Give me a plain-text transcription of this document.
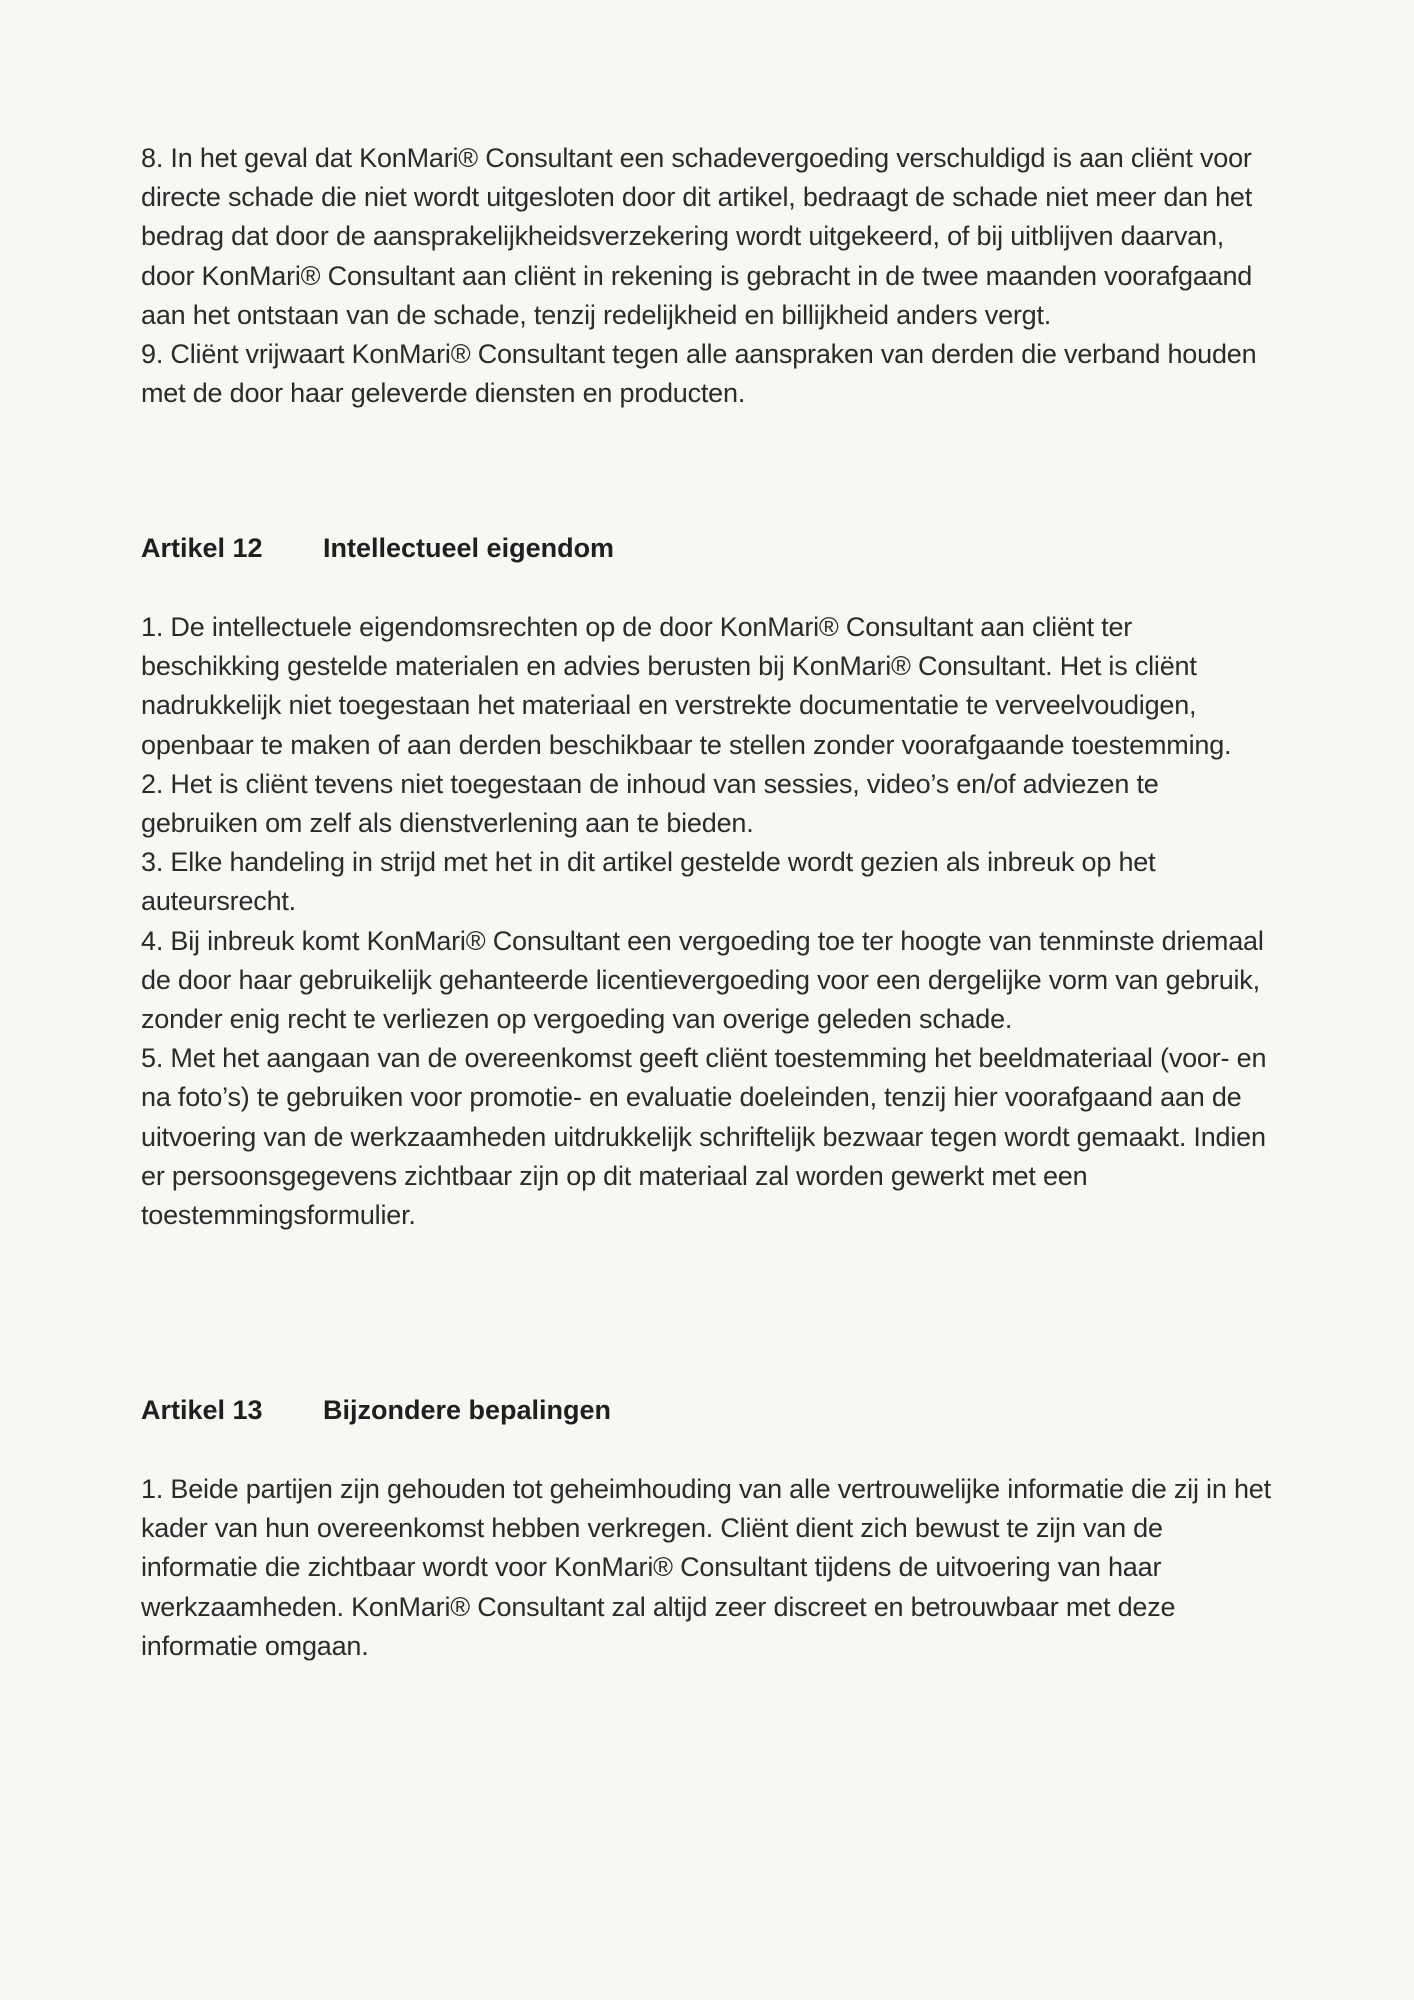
8. In het geval dat KonMari® Consultant een schadevergoeding verschuldigd is aan cliënt voor directe schade die niet wordt uitgesloten door dit artikel, bedraagt de schade niet meer dan het bedrag dat door de aansprakelijkheidsverzekering wordt uitgekeerd, of bij uitblijven daarvan, door KonMari® Consultant aan cliënt in rekening is gebracht in de twee maanden voorafgaand aan het ontstaan van de schade, tenzij redelijkheid en billijkheid anders vergt.

9. Cliënt vrijwaart KonMari® Consultant tegen alle aanspraken van derden die verband houden met de door haar geleverde diensten en producten.

Artikel 12	Intellectueel eigendom

1. De intellectuele eigendomsrechten op de door KonMari® Consultant aan cliënt ter beschikking gestelde materialen en advies berusten bij KonMari® Consultant. Het is cliënt nadrukkelijk niet toegestaan het materiaal en verstrekte documentatie te verveelvoudigen, openbaar te maken of aan derden beschikbaar te stellen zonder voorafgaande toestemming.

2. Het is cliënt tevens niet toegestaan de inhoud van sessies, video’s en/of adviezen te gebruiken om zelf als dienstverlening aan te bieden.

3. Elke handeling in strijd met het in dit artikel gestelde wordt gezien als inbreuk op het auteursrecht.

4. Bij inbreuk komt KonMari® Consultant een vergoeding toe ter hoogte van tenminste driemaal de door haar gebruikelijk gehanteerde licentievergoeding voor een dergelijke vorm van gebruik, zonder enig recht te verliezen op vergoeding van overige geleden schade.

5. Met het aangaan van de overeenkomst geeft cliënt toestemming het beeldmateriaal (voor- en na foto’s) te gebruiken voor promotie- en evaluatie doeleinden, tenzij hier voorafgaand aan de uitvoering van de werkzaamheden uitdrukkelijk schriftelijk bezwaar tegen wordt gemaakt. Indien er persoonsgegevens zichtbaar zijn op dit materiaal zal worden gewerkt met een toestemmingsformulier.

Artikel 13	Bijzondere bepalingen

1. Beide partijen zijn gehouden tot geheimhouding van alle vertrouwelijke informatie die zij in het kader van hun overeenkomst hebben verkregen. Cliënt dient zich bewust te zijn van de informatie die zichtbaar wordt voor KonMari® Consultant tijdens de uitvoering van haar werkzaamheden. KonMari® Consultant zal altijd zeer discreet en betrouwbaar met deze informatie omgaan.
